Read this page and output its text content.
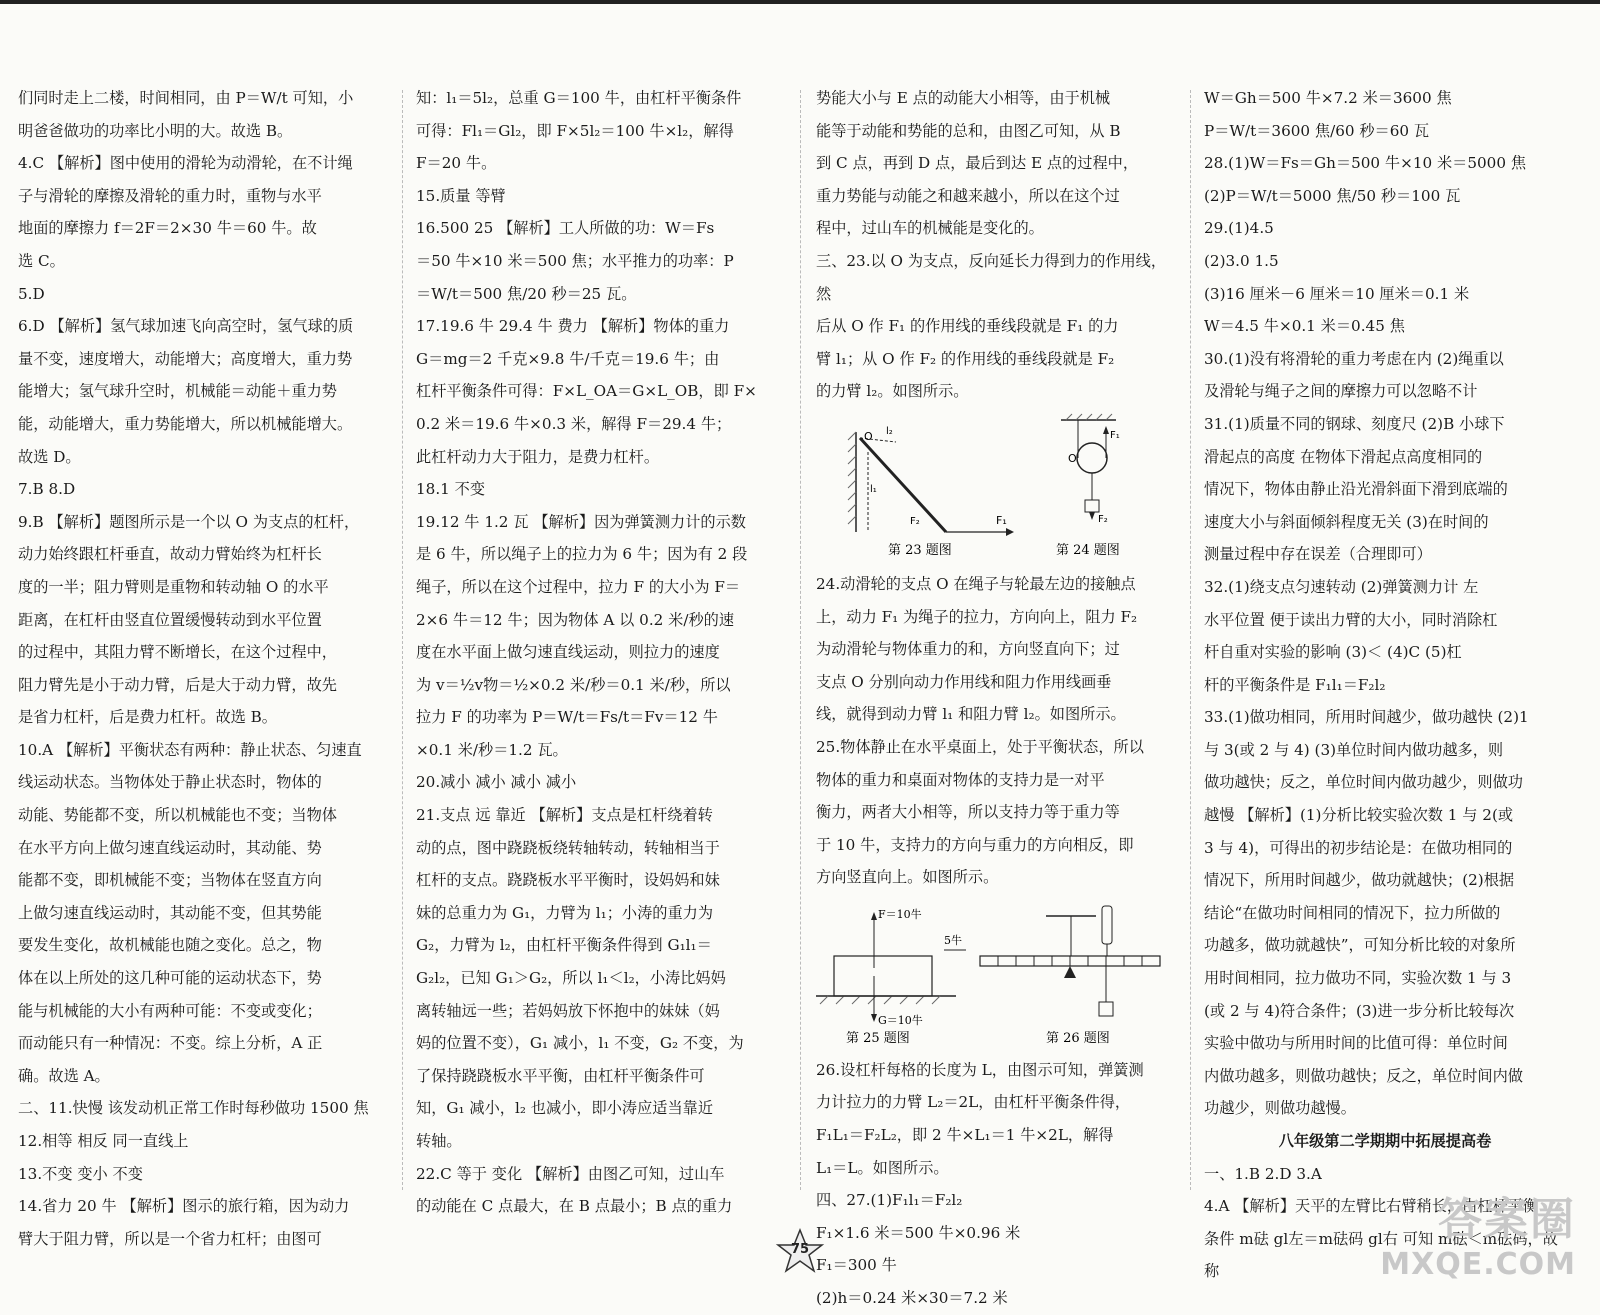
们同时走上二楼，时间相同，由 P＝W/t 可知，小

明爸爸做功的功率比小明的大。故选 B。

4.C 【解析】图中使用的滑轮为动滑轮，在不计绳

子与滑轮的摩擦及滑轮的重力时，重物与水平

地面的摩擦力 f＝2F＝2×30 牛＝60 牛。故

选 C。

5.D

6.D 【解析】氢气球加速飞向高空时，氢气球的质

量不变，速度增大，动能增大；高度增大，重力势

能增大；氢气球升空时，机械能＝动能＋重力势

能，动能增大，重力势能增大，所以机械能增大。

故选 D。

7.B 8.D

9.B 【解析】题图所示是一个以 O 为支点的杠杆，

动力始终跟杠杆垂直，故动力臂始终为杠杆长

度的一半；阻力臂则是重物和转动轴 O 的水平

距离，在杠杆由竖直位置缓慢转动到水平位置

的过程中，其阻力臂不断增长，在这个过程中，

阻力臂先是小于动力臂，后是大于动力臂，故先

是省力杠杆，后是费力杠杆。故选 B。

10.A 【解析】平衡状态有两种：静止状态、匀速直

线运动状态。当物体处于静止状态时，物体的

动能、势能都不变，所以机械能也不变；当物体

在水平方向上做匀速直线运动时，其动能、势

能都不变，即机械能不变；当物体在竖直方向

上做匀速直线运动时，其动能不变，但其势能

要发生变化，故机械能也随之变化。总之，物

体在以上所处的这几种可能的运动状态下，势

能与机械能的大小有两种可能：不变或变化；

而动能只有一种情况：不变。综上分析，A 正

确。故选 A。

二、11.快慢 该发动机正常工作时每秒做功 1500 焦

12.相等 相反 同一直线上

13.不变 变小 不变

14.省力 20 牛 【解析】图示的旅行箱，因为动力

臂大于阻力臂，所以是一个省力杠杆；由图可

知：l₁＝5l₂，总重 G＝100 牛，由杠杆平衡条件

可得：Fl₁＝Gl₂，即 F×5l₂＝100 牛×l₂，解得

F＝20 牛。

15.质量 等臂

16.500 25 【解析】工人所做的功：W＝Fs

＝50 牛×10 米＝500 焦；水平推力的功率：P

＝W/t＝500 焦/20 秒＝25 瓦。

17.19.6 牛 29.4 牛 费力 【解析】物体的重力

G＝mg＝2 千克×9.8 牛/千克＝19.6 牛；由

杠杆平衡条件可得：F×L_OA＝G×L_OB，即 F×

0.2 米＝19.6 牛×0.3 米，解得 F＝29.4 牛；

此杠杆动力大于阻力，是费力杠杆。

18.1 不变

19.12 牛 1.2 瓦 【解析】因为弹簧测力计的示数

是 6 牛，所以绳子上的拉力为 6 牛；因为有 2 段

绳子，所以在这个过程中，拉力 F 的大小为 F＝

2×6 牛＝12 牛；因为物体 A 以 0.2 米/秒的速

度在水平面上做匀速直线运动，则拉力的速度

为 v＝½v物＝½×0.2 米/秒＝0.1 米/秒，所以

拉力 F 的功率为 P＝W/t＝Fs/t＝Fv＝12 牛

×0.1 米/秒＝1.2 瓦。

20.减小 减小 减小 减小

21.支点 远 靠近 【解析】支点是杠杆绕着转

动的点，图中跷跷板绕转轴转动，转轴相当于

杠杆的支点。跷跷板水平平衡时，设妈妈和妹

妹的总重力为 G₁，力臂为 l₁；小涛的重力为

G₂，力臂为 l₂，由杠杆平衡条件得到 G₁l₁＝

G₂l₂，已知 G₁＞G₂，所以 l₁＜l₂，小涛比妈妈

离转轴远一些；若妈妈放下怀抱中的妹妹（妈

妈的位置不变），G₁ 减小，l₁ 不变，G₂ 不变，为

了保持跷跷板水平平衡，由杠杆平衡条件可

知，G₁ 减小，l₂ 也减小，即小涛应适当靠近

转轴。

22.C 等于 变化 【解析】由图乙可知，过山车

的动能在 C 点最大，在 B 点最小；B 点的重力

势能大小与 E 点的动能大小相等，由于机械

能等于动能和势能的总和，由图乙可知，从 B

到 C 点，再到 D 点，最后到达 E 点的过程中，

重力势能与动能之和越来越小，所以在这个过

程中，过山车的机械能是变化的。

三、23.以 O 为支点，反向延长力得到力的作用线，然

后从 O 作 F₁ 的作用线的垂线段就是 F₁ 的力

臂 l₁；从 O 作 F₂ 的作用线的垂线段就是 F₂

的力臂 l₂。如图所示。

O
F₁
l₂
l₁
F₂
O
F₁
F₂
第 23 题图	第 24 题图

24.动滑轮的支点 O 在绳子与轮最左边的接触点

上，动力 F₁ 为绳子的拉力，方向向上，阻力 F₂

为动滑轮与物体重力的和，方向竖直向下；过

支点 O 分别向动力作用线和阻力作用线画垂

线，就得到动力臂 l₁ 和阻力臂 l₂。如图所示。

25.物体静止在水平桌面上，处于平衡状态，所以

物体的重力和桌面对物体的支持力是一对平

衡力，两者大小相等，所以支持力等于重力等

于 10 牛，支持力的方向与重力的方向相反，即

方向竖直向上。如图所示。

F＝10牛
G＝10牛
5牛
第 25 题图	第 26 题图

26.设杠杆每格的长度为 L，由图示可知，弹簧测

力计拉力的力臂 L₂＝2L，由杠杆平衡条件得，

F₁L₁＝F₂L₂，即 2 牛×L₁＝1 牛×2L，解得

L₁＝L。如图所示。

四、27.(1)F₁l₁＝F₂l₂

F₁×1.6 米＝500 牛×0.96 米

F₁＝300 牛

(2)h＝0.24 米×30＝7.2 米

W＝Gh＝500 牛×7.2 米＝3600 焦

P＝W/t＝3600 焦/60 秒＝60 瓦

28.(1)W＝Fs＝Gh＝500 牛×10 米＝5000 焦

(2)P＝W/t＝5000 焦/50 秒＝100 瓦

29.(1)4.5

(2)3.0 1.5

(3)16 厘米－6 厘米＝10 厘米＝0.1 米

W＝4.5 牛×0.1 米＝0.45 焦

30.(1)没有将滑轮的重力考虑在内 (2)绳重以

及滑轮与绳子之间的摩擦力可以忽略不计

31.(1)质量不同的钢球、刻度尺 (2)B 小球下

滑起点的高度 在物体下滑起点高度相同的

情况下，物体由静止沿光滑斜面下滑到底端的

速度大小与斜面倾斜程度无关 (3)在时间的

测量过程中存在误差（合理即可）

32.(1)绕支点匀速转动 (2)弹簧测力计 左

水平位置 便于读出力臂的大小，同时消除杠

杆自重对实验的影响 (3)＜ (4)C (5)杠

杆的平衡条件是 F₁l₁＝F₂l₂

33.(1)做功相同，所用时间越少，做功越快 (2)1

与 3(或 2 与 4) (3)单位时间内做功越多，则

做功越快；反之，单位时间内做功越少，则做功

越慢 【解析】(1)分析比较实验次数 1 与 2(或

3 与 4)，可得出的初步结论是：在做功相同的

情况下，所用时间越少，做功就越快；(2)根据

结论“在做功时间相同的情况下，拉力所做的

功越多，做功就越快”，可知分析比较的对象所

用时间相同，拉力做功不同，实验次数 1 与 3

(或 2 与 4)符合条件；(3)进一步分析比较每次

实验中做功与所用时间的比值可得：单位时间

内做功越多，则做功越快；反之，单位时间内做

功越少，则做功越慢。

八年级第二学期期中拓展提高卷

一、1.B 2.D 3.A

4.A 【解析】天平的左臂比右臂稍长，由杠杆平衡

条件 m砝 gl左＝m砝码 gl右 可知 m砝＜m砝码，故称

75
答案圈
MXQE.COM
